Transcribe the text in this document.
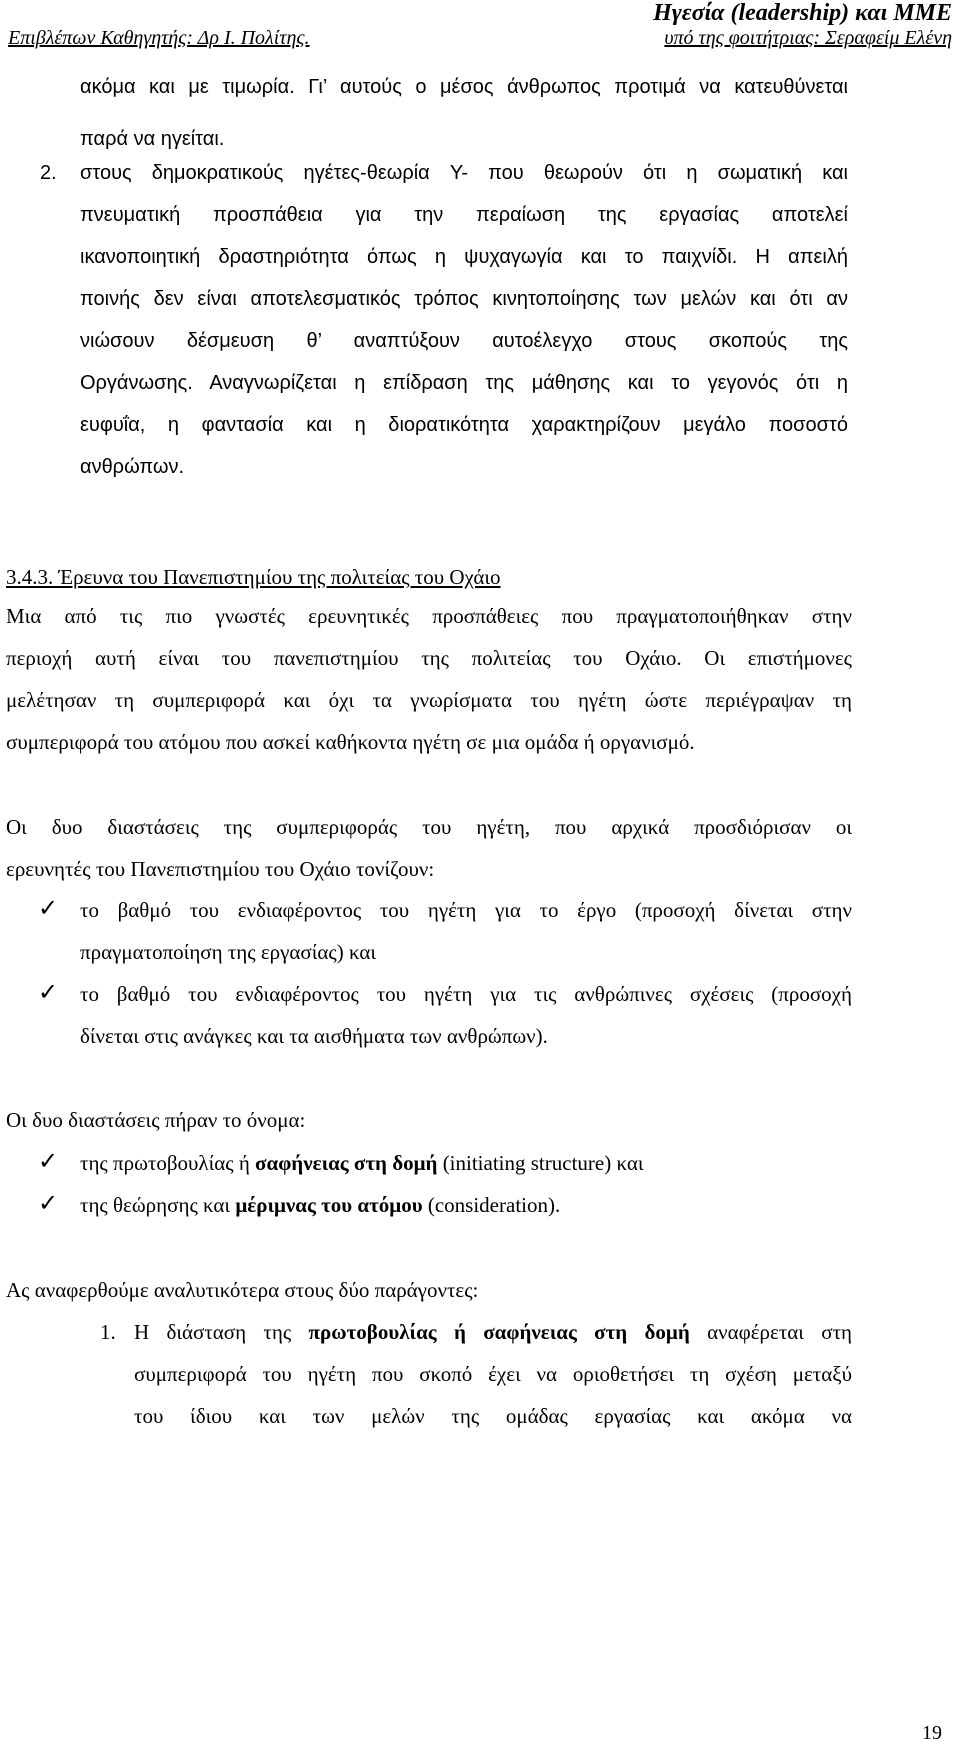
Ηγεσία (leadership) και ΜΜΕ
Επιβλέπων Καθηγητής: Δρ Ι. Πολίτης.	υπό της φοιτήτριας: Σεραφείμ Ελένη
ακόμα και με τιμωρία. Γι’ αυτούς ο μέσος άνθρωπος προτιμά να κατευθύνεται
παρά να ηγείται.
2. στους δημοκρατικούς ηγέτες-θεωρία Y- που θεωρούν ότι η σωματική και
πνευματική προσπάθεια για την περαίωση της εργασίας αποτελεί
ικανοποιητική δραστηριότητα όπως η ψυχαγωγία και το παιχνίδι. Η απειλή
ποινής δεν είναι αποτελεσματικός τρόπος κινητοποίησης των μελών και ότι αν
νιώσουν δέσμευση θ’ αναπτύξουν αυτοέλεγχο στους σκοπούς της
Οργάνωσης. Αναγνωρίζεται η επίδραση της μάθησης και το γεγονός ότι η
ευφυΐα, η φαντασία και η διορατικότητα χαρακτηρίζουν μεγάλο ποσοστό
ανθρώπων.
3.4.3. Έρευνα του Πανεπιστημίου της πολιτείας του Οχάιο
Μια από τις πιο γνωστές ερευνητικές προσπάθειες που πραγματοποιήθηκαν στην
περιοχή αυτή είναι του πανεπιστημίου της πολιτείας του Οχάιο. Οι επιστήμονες
μελέτησαν τη συμπεριφορά και όχι τα γνωρίσματα του ηγέτη ώστε περιέγραψαν τη
συμπεριφορά του ατόμου που ασκεί καθήκοντα ηγέτη σε μια ομάδα ή οργανισμό.
Οι δυο διαστάσεις της συμπεριφοράς του ηγέτη, που αρχικά προσδιόρισαν οι
ερευνητές του Πανεπιστημίου του Οχάιο τονίζουν:
✓ το βαθμό του ενδιαφέροντος του ηγέτη για το έργο (προσοχή δίνεται στην
πραγματοποίηση της εργασίας) και
✓ το βαθμό του ενδιαφέροντος του ηγέτη για τις ανθρώπινες σχέσεις (προσοχή
δίνεται στις ανάγκες και τα αισθήματα των ανθρώπων).
Οι δυο διαστάσεις πήραν το όνομα:
✓ της πρωτοβουλίας ή σαφήνειας στη δομή (initiating structure) και
✓ της θεώρησης και μέριμνας του ατόμου (consideration).
Ας αναφερθούμε αναλυτικότερα στους δύο παράγοντες:
1. Η διάσταση της πρωτοβουλίας ή σαφήνειας στη δομή αναφέρεται στη
συμπεριφορά του ηγέτη που σκοπό έχει να οριοθετήσει τη σχέση μεταξύ
του ίδιου και των μελών της ομάδας εργασίας και ακόμα να
19
